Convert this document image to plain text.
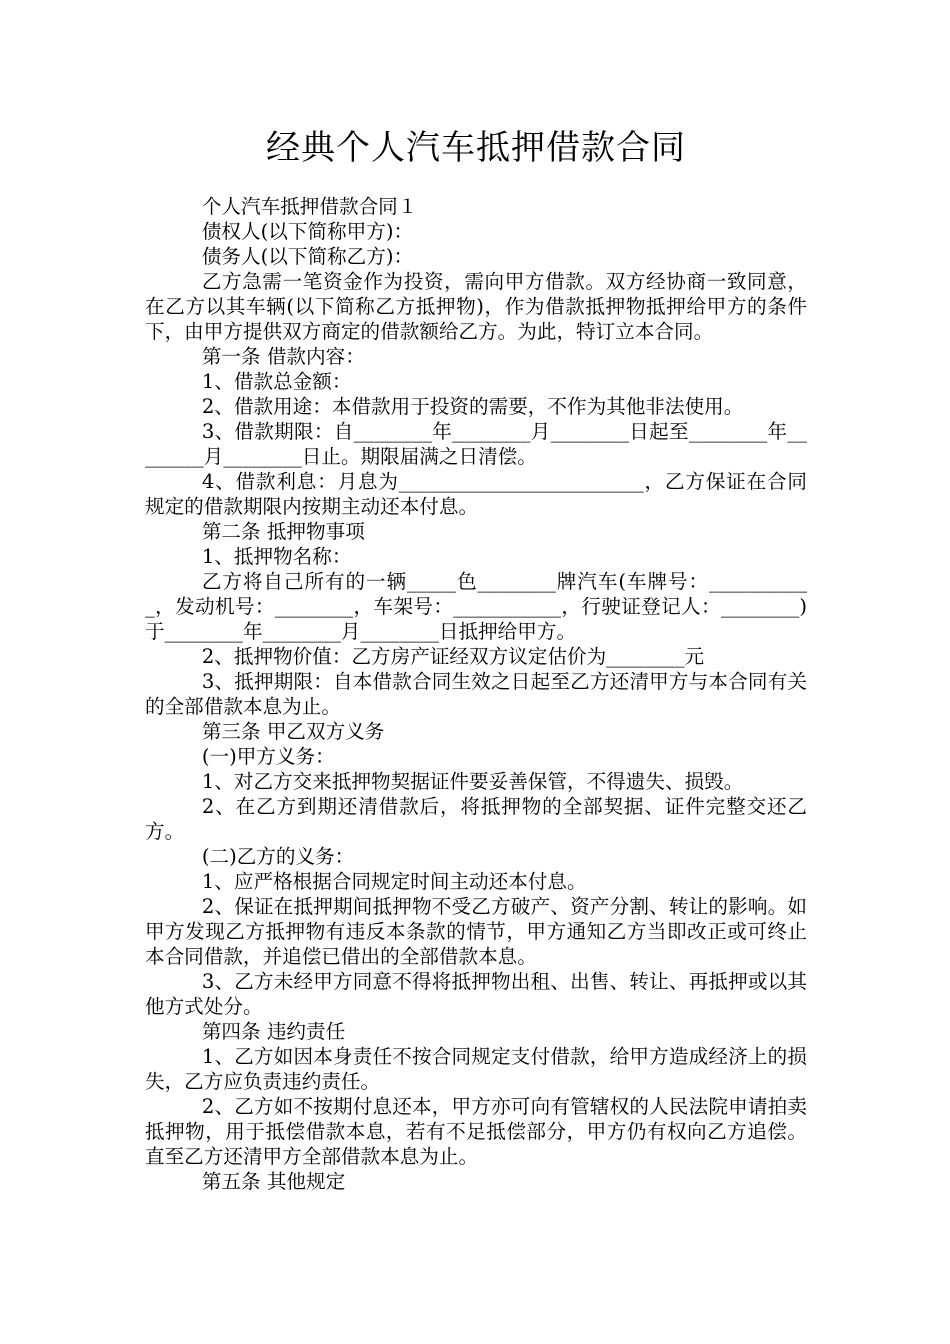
经典个人汽车抵押借款合同

个人汽车抵押借款合同１

债权人(以下简称甲方)：

债务人(以下简称乙方)：

乙方急需一笔资金作为投资，需向甲方借款。双方经协商一致同意，在乙方以其车辆(以下简称乙方抵押物)，作为借款抵押物抵押给甲方的条件下，由甲方提供双方商定的借款额给乙方。为此，特订立本合同。

第一条 借款内容：

1、借款总金额：

2、借款用途：本借款用于投资的需要，不作为其他非法使用。

3、借款期限：自________年________月________日起至________年________月________日止。期限届满之日清偿。

4、借款利息：月息为_________________________，乙方保证在合同规定的借款期限内按期主动还本付息。

第二条 抵押物事项

1、抵押物名称：

乙方将自己所有的一辆_____色________牌汽车(车牌号：___________，发动机号：________，车架号：___________，行驶证登记人：________)于________年________月________日抵押给甲方。

2、抵押物价值：乙方房产证经双方议定估价为________元

3、抵押期限：自本借款合同生效之日起至乙方还清甲方与本合同有关的全部借款本息为止。

第三条 甲乙双方义务

(一)甲方义务：

1、对乙方交来抵押物契据证件要妥善保管，不得遗失、损毁。

2、在乙方到期还清借款后，将抵押物的全部契据、证件完整交还乙方。

(二)乙方的义务：

1、应严格根据合同规定时间主动还本付息。

2、保证在抵押期间抵押物不受乙方破产、资产分割、转让的影响。如甲方发现乙方抵押物有违反本条款的情节，甲方通知乙方当即改正或可终止本合同借款，并追偿已借出的全部借款本息。

3、乙方未经甲方同意不得将抵押物出租、出售、转让、再抵押或以其他方式处分。

第四条 违约责任

1、乙方如因本身责任不按合同规定支付借款，给甲方造成经济上的损失，乙方应负责违约责任。

2、乙方如不按期付息还本，甲方亦可向有管辖权的人民法院申请拍卖抵押物，用于抵偿借款本息，若有不足抵偿部分，甲方仍有权向乙方追偿。直至乙方还清甲方全部借款本息为止。

第五条 其他规定
